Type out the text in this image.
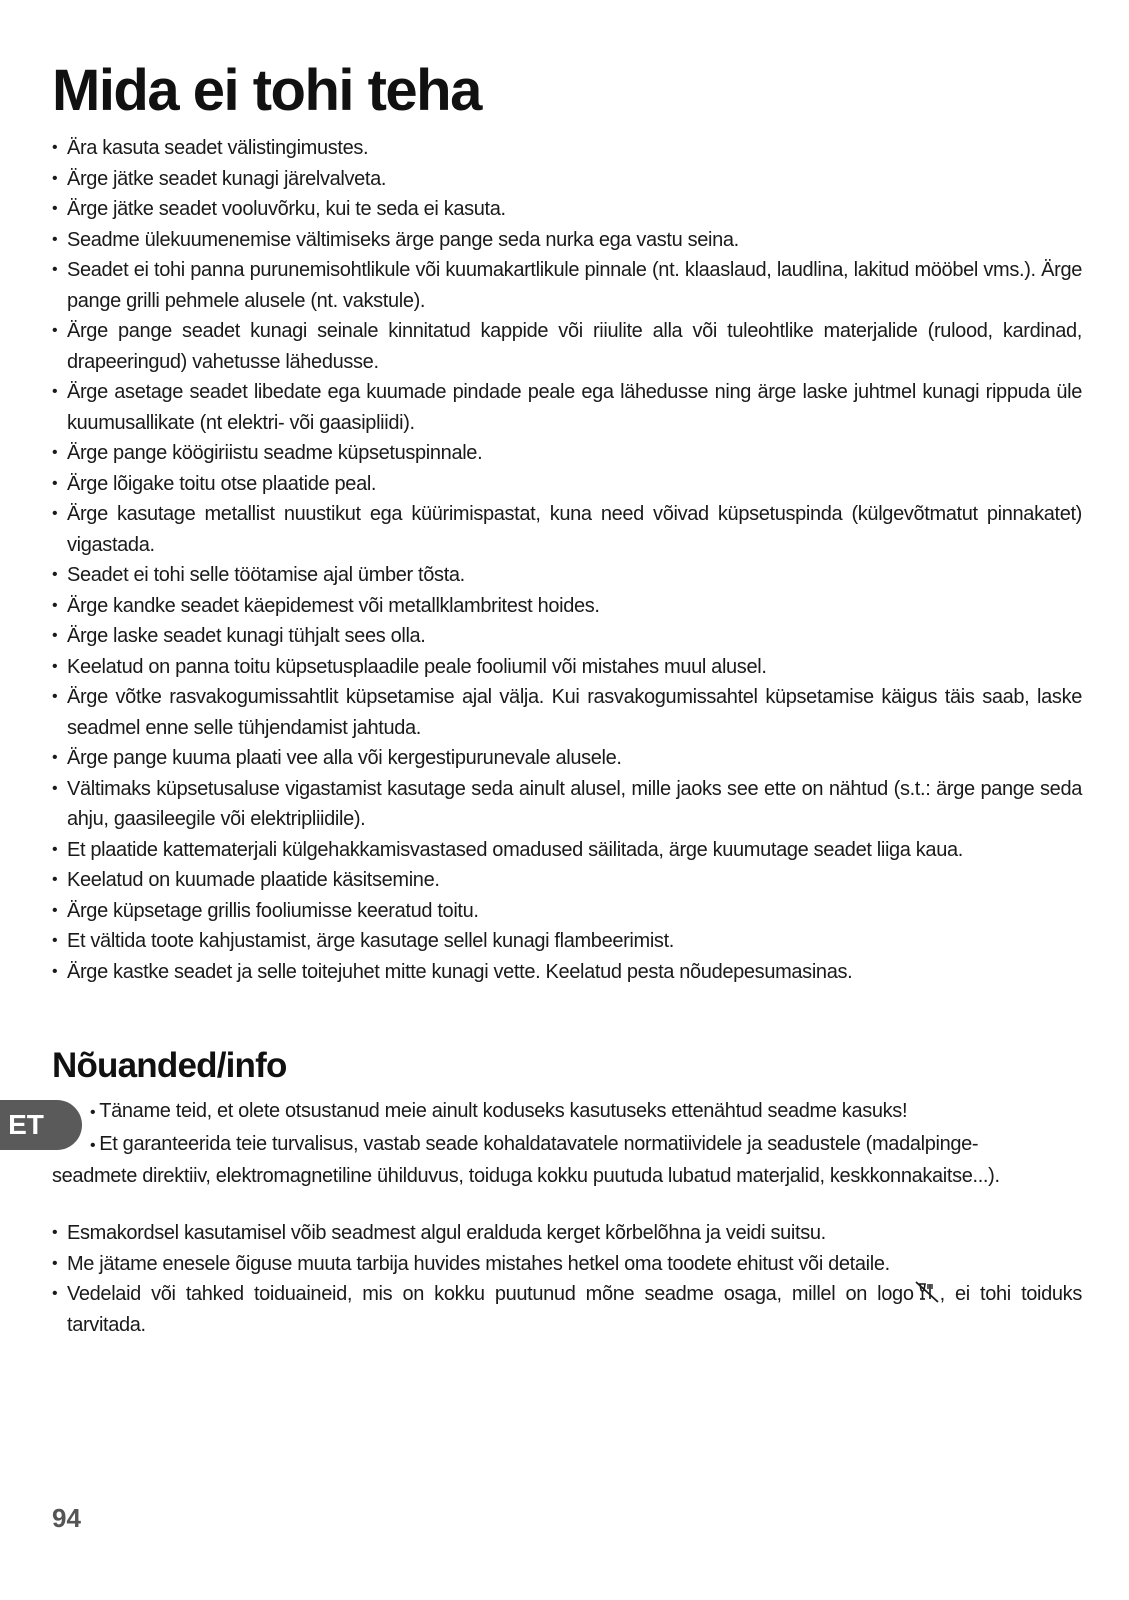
Mida ei tohi teha
• Ära kasuta seadet välistingimustes.
• Ärge jätke seadet kunagi järelvalveta.
• Ärge jätke seadet vooluvõrku, kui te seda ei kasuta.
• Seadme ülekuumenemise vältimiseks ärge pange seda nurka ega vastu seina.
• Seadet ei tohi panna purunemisohtlikule või kuumakartlikule pinnale (nt. klaaslaud, laudlina, lakitud mööbel vms.). Ärge pange grilli pehmele alusele (nt. vakstule).
• Ärge pange seadet kunagi seinale kinnitatud kappide või riiulite alla või tuleohtlike materjalide (rulood, kardinad, drapeeringud) vahetusse lähedusse.
• Ärge asetage seadet libedate ega kuumade pindade peale ega lähedusse ning ärge laske juhtmel kunagi rippuda üle kuumusallikate (nt elektri- või gaasipliidi).
• Ärge pange köögiriistu seadme küpsetuspinnale.
• Ärge lõigake toitu otse plaatide peal.
• Ärge kasutage metallist nuustikut ega küürimispastat, kuna need võivad küpsetuspinda (külgevõtmatut pinnakatet) vigastada.
• Seadet ei tohi selle töötamise ajal ümber tõsta.
• Ärge kandke seadet käepidemest või metallklambritest hoides.
• Ärge laske seadet kunagi tühjalt sees olla.
• Keelatud on panna toitu küpsetusplaadile peale fooliumil või mistahes muul alusel.
• Ärge võtke rasvakogumissahtlit küpsetamise ajal välja. Kui rasvakogumissahtel küpsetamise käigus täis saab, laske seadmel enne selle tühjendamist jahtuda.
• Ärge pange kuuma plaati vee alla või kergestipurunevale alusele.
• Vältimaks küpsetusaluse vigastamist kasutage seda ainult alusel, mille jaoks see ette on nähtud (s.t.: ärge pange seda ahju, gaasileegile või elektripliidile).
• Et plaatide kattematerjali külgehakkamisvastased omadused säilitada, ärge kuumutage seadet liiga kaua.
• Keelatud on kuumade plaatide käsitsemine.
• Ärge küpsetage grillis fooliumisse keeratud toitu.
• Et vältida toote kahjustamist, ärge kasutage sellel kunagi flambeerimist.
• Ärge kastke seadet ja selle toitejuhet mitte kunagi vette. Keelatud pesta nõudepesumasinas.
Nõuanded/info
ET	• Täname teid, et olete otsustanud meie ainult koduseks kasutuseks ettenähtud seadme kasuks!

• Et garanteerida teie turvalisus, vastab seade kohaldatavatele normatiividele ja seadustele (madalpinge-

seadmete direktiiv, elektromagnetiline ühilduvus, toiduga kokku puutuda lubatud materjalid, keskkonnakaitse...).

• Esmakordsel kasutamisel võib seadmest algul eralduda kerget kõrbelõhna ja veidi suitsu.
• Me jätame enesele õiguse muuta tarbija huvides mistahes hetkel oma toodete ehitust või detaile.
• Vedelaid või tahked toiduaineid, mis on kokku puutunud mõne seadme osaga, millel on logo , ei tohi toiduks tarvitada.

94
